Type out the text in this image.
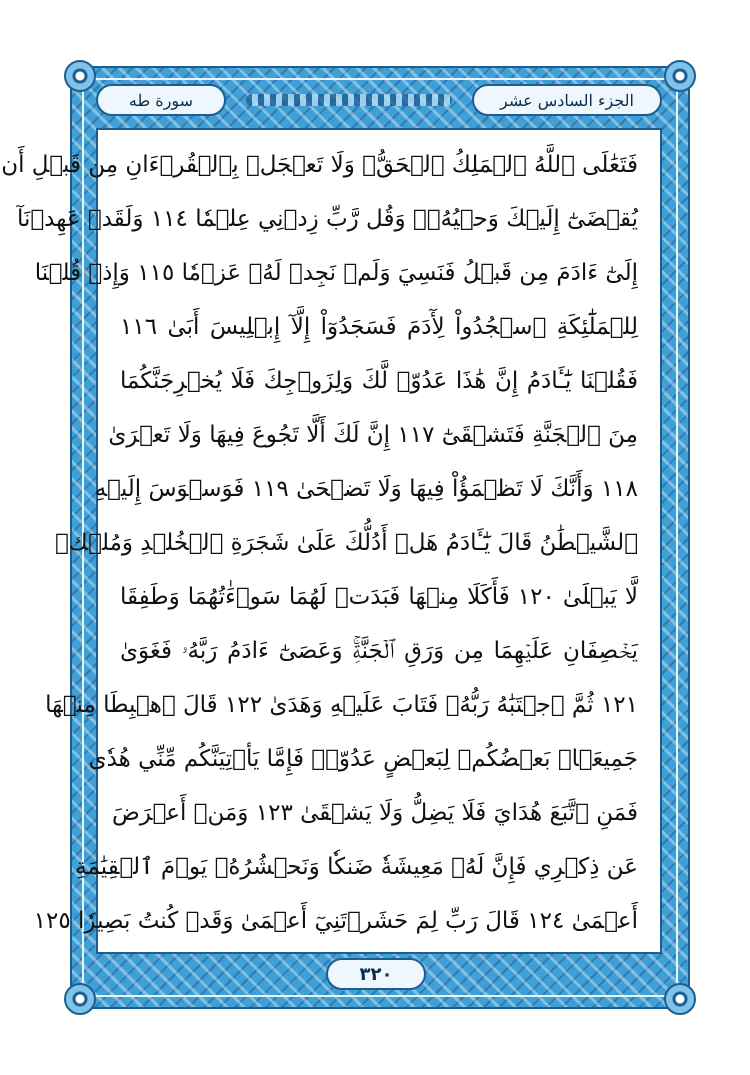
الجزء السادس عشر
سورة طه
فَتَعَٰلَى ٱللَّهُ ٱلۡمَلِكُ ٱلۡحَقُّۗ وَلَا تَعۡجَلۡ بِٱلۡقُرۡءَانِ مِن قَبۡلِ أَن
يُقۡضَىٰٓ إِلَيۡكَ وَحۡيُهُۥۖ وَقُل رَّبِّ زِدۡنِي عِلۡمٗا ١١٤ وَلَقَدۡ عَهِدۡنَآ
إِلَىٰٓ ءَادَمَ مِن قَبۡلُ فَنَسِيَ وَلَمۡ نَجِدۡ لَهُۥ عَزۡمٗا ١١٥ وَإِذۡ قُلۡنَا
لِلۡمَلَٰٓئِكَةِ ٱسۡجُدُواْ لِأٓدَمَ فَسَجَدُوٓاْ إِلَّآ إِبۡلِيسَ أَبَىٰ ١١٦
فَقُلۡنَا يَٰٓـَٔادَمُ إِنَّ هَٰذَا عَدُوّٞ لَّكَ وَلِزَوۡجِكَ فَلَا يُخۡرِجَنَّكُمَا
مِنَ ٱلۡجَنَّةِ فَتَشۡقَىٰٓ ١١٧ إِنَّ لَكَ أَلَّا تَجُوعَ فِيهَا وَلَا تَعۡرَىٰ
١١٨ وَأَنَّكَ لَا تَظۡمَؤُاْ فِيهَا وَلَا تَضۡحَىٰ ١١٩ فَوَسۡوَسَ إِلَيۡهِ
ٱلشَّيۡطَٰنُ قَالَ يَٰٓـَٔادَمُ هَلۡ أَدُلُّكَ عَلَىٰ شَجَرَةِ ٱلۡخُلۡدِ وَمُلۡكٖ
لَّا يَبۡلَىٰ ١٢٠ فَأَكَلَا مِنۡهَا فَبَدَتۡ لَهُمَا سَوۡءَٰتُهُمَا وَطَفِقَا
يَخۡصِفَانِ عَلَيۡهِمَا مِن وَرَقِ ٱلۡجَنَّةِۚ وَعَصَىٰٓ ءَادَمُ رَبَّهُۥ فَغَوَىٰ
١٢١ ثُمَّ ٱجۡتَبَٰهُ رَبُّهُۥ فَتَابَ عَلَيۡهِ وَهَدَىٰ ١٢٢ قَالَ ٱهۡبِطَا مِنۡهَا
جَمِيعَۢاۖ بَعۡضُكُمۡ لِبَعۡضٍ عَدُوّٞۖ فَإِمَّا يَأۡتِيَنَّكُم مِّنِّي هُدٗى
فَمَنِ ٱتَّبَعَ هُدَايَ فَلَا يَضِلُّ وَلَا يَشۡقَىٰ ١٢٣ وَمَنۡ أَعۡرَضَ
عَن ذِكۡرِي فَإِنَّ لَهُۥ مَعِيشَةٗ ضَنكٗا وَنَحۡشُرُهُۥ يَوۡمَ ٱلۡقِيَٰمَةِ
أَعۡمَىٰ ١٢٤ قَالَ رَبِّ لِمَ حَشَرۡتَنِيٓ أَعۡمَىٰ وَقَدۡ كُنتُ بَصِيرٗا ١٢٥
٣٢٠
